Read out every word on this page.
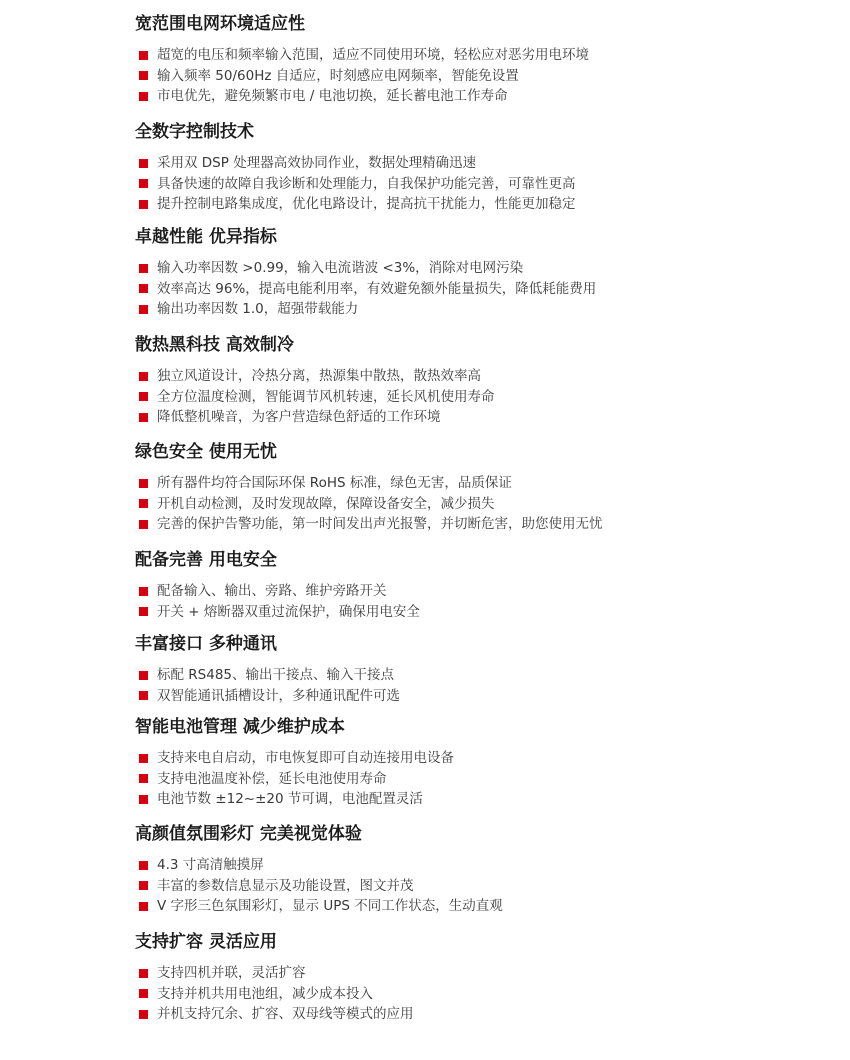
宽范围电网环境适应性
超宽的电压和频率输入范围，适应不同使用环境，轻松应对恶劣用电环境
输入频率 50/60Hz 自适应，时刻感应电网频率，智能免设置
市电优先，避免频繁市电 / 电池切换，延长蓄电池工作寿命
全数字控制技术
采用双 DSP 处理器高效协同作业，数据处理精确迅速
具备快速的故障自我诊断和处理能力，自我保护功能完善，可靠性更高
提升控制电路集成度，优化电路设计，提高抗干扰能力，性能更加稳定
卓越性能 优异指标
输入功率因数 >0.99，输入电流谐波 <3%，消除对电网污染
效率高达 96%，提高电能利用率，有效避免额外能量损失，降低耗能费用
输出功率因数 1.0，超强带载能力
散热黑科技 高效制冷
独立风道设计，冷热分离，热源集中散热，散热效率高
全方位温度检测，智能调节风机转速，延长风机使用寿命
降低整机噪音，为客户营造绿色舒适的工作环境
绿色安全 使用无忧
所有器件均符合国际环保 RoHS 标准，绿色无害，品质保证
开机自动检测，及时发现故障，保障设备安全，减少损失
完善的保护告警功能，第一时间发出声光报警，并切断危害，助您使用无忧
配备完善 用电安全
配备输入、输出、旁路、维护旁路开关
开关 + 熔断器双重过流保护，确保用电安全
丰富接口 多种通讯
标配 RS485、输出干接点、输入干接点
双智能通讯插槽设计，多种通讯配件可选
智能电池管理 减少维护成本
支持来电自启动，市电恢复即可自动连接用电设备
支持电池温度补偿，延长电池使用寿命
电池节数 ±12~±20 节可调，电池配置灵活
高颜值氛围彩灯 完美视觉体验
4.3 寸高清触摸屏
丰富的参数信息显示及功能设置，图文并茂
V 字形三色氛围彩灯，显示 UPS 不同工作状态，生动直观
支持扩容 灵活应用
支持四机并联，灵活扩容
支持并机共用电池组，减少成本投入
并机支持冗余、扩容、双母线等模式的应用
